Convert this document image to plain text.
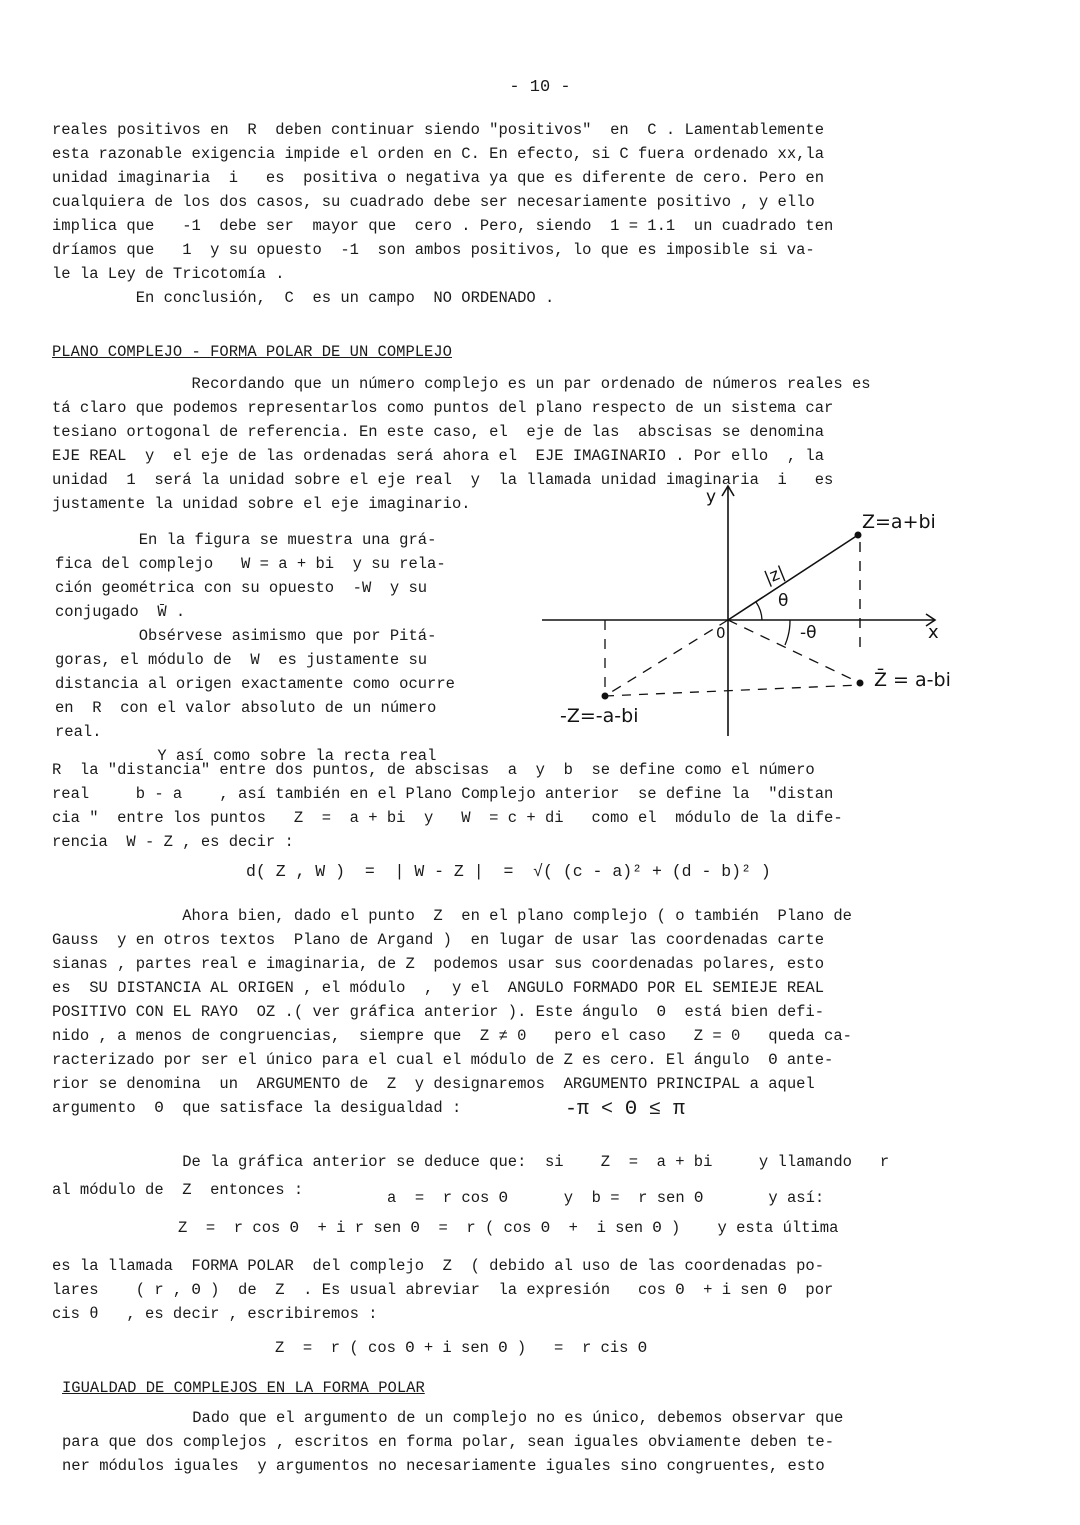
- 10 -

reales positivos en  R  deben continuar siendo "positivos"  en  C . Lamentablemente

esta razonable exigencia impide el orden en C. En efecto, si C fuera ordenado xx,la

unidad imaginaria  i   es  positiva o negativa ya que es diferente de cero. Pero en

cualquiera de los dos casos, su cuadrado debe ser necesariamente positivo , y ello

implica que   -1  debe ser  mayor que  cero . Pero, siendo  1 = 1.1  un cuadrado ten

dríamos que   1  y su opuesto  -1  son ambos positivos, lo que es imposible si va-

le la Ley de Tricotomía .

En conclusión,  C  es un campo  NO ORDENADO .

PLANO COMPLEJO - FORMA POLAR DE UN COMPLEJO

Recordando que un número complejo es un par ordenado de números reales es

tá claro que podemos representarlos como puntos del plano respecto de un sistema car

tesiano ortogonal de referencia. En este caso, el  eje de las  abscisas se denomina

EJE REAL  y  el eje de las ordenadas será ahora el  EJE IMAGINARIO . Por ello  , la

unidad  1  será la unidad sobre el eje real  y  la llamada unidad imaginaria  i   es

justamente la unidad sobre el eje imaginario.

En la figura se muestra una grá-

fica del complejo   W = a + bi  y su rela-

ción geométrica con su opuesto  -W  y su

conjugado  W̄ .

Obsérvese asimismo que por Pitá-

goras, el módulo de  W  es justamente su

distancia al origen exactamente como ocurre

en  R  con el valor absoluto de un número

real.

Y así como sobre la recta real

y
Z=a+bi
|z|
θ
-θ
0	x
Z̄ = a-bi
-Z=-a-bi

R  la "distancia" entre dos puntos, de abscisas  a  y  b  se define como el número

real     b - a    , así también en el Plano Complejo anterior  se define la  "distan

cia "  entre los puntos   Z  =  a + bi  y   W  = c + di   como el  módulo de la dife-

rencia  W - Z , es decir :

d( Z , W )  =  | W - Z |  =  √( (c - a)² + (d - b)² )

Ahora bien, dado el punto  Z  en el plano complejo ( o también  Plano de

Gauss  y en otros textos  Plano de Argand )  en lugar de usar las coordenadas carte

sianas , partes real e imaginaria, de Z  podemos usar sus coordenadas polares, esto

es  SU DISTANCIA AL ORIGEN , el módulo  ,  y el  ANGULO FORMADO POR EL SEMIEJE REAL

POSITIVO CON EL RAYO  OZ .( ver gráfica anterior ). Este ángulo  Θ  está bien defi-

nido , a menos de congruencias,  siempre que  Z ≠ 0   pero el caso   Z = 0   queda ca-

racterizado por ser el único para el cual el módulo de Z es cero. El ángulo  Θ ante-

rior se denomina  un  ARGUMENTO de  Z  y designaremos  ARGUMENTO PRINCIPAL a aquel

argumento  Θ  que satisface la desigualdad :	-π < Θ ≤ π
De la gráfica anterior se deduce que:  si    Z  =  a + bi     y llamando   r
al módulo de  Z  entonces :	a  =  r cos Θ      y  b =  r sen Θ       y así:
Z  =  r cos Θ  + i r sen Θ  =  r ( cos Θ  +  i sen Θ )    y esta última

es la llamada  FORMA POLAR  del complejo  Z  ( debido al uso de las coordenadas po-

lares    ( r , Θ )  de  Z  . Es usual abreviar  la expresión   cos Θ  + i sen Θ  por

cis θ   , es decir , escribiremos :

Z  =  r ( cos Θ + i sen Θ )   =  r cis Θ
IGUALDAD DE COMPLEJOS EN LA FORMA POLAR

Dado que el argumento de un complejo no es único, debemos observar que

para que dos complejos , escritos en forma polar, sean iguales obviamente deben te-

ner módulos iguales  y argumentos no necesariamente iguales sino congruentes, esto
